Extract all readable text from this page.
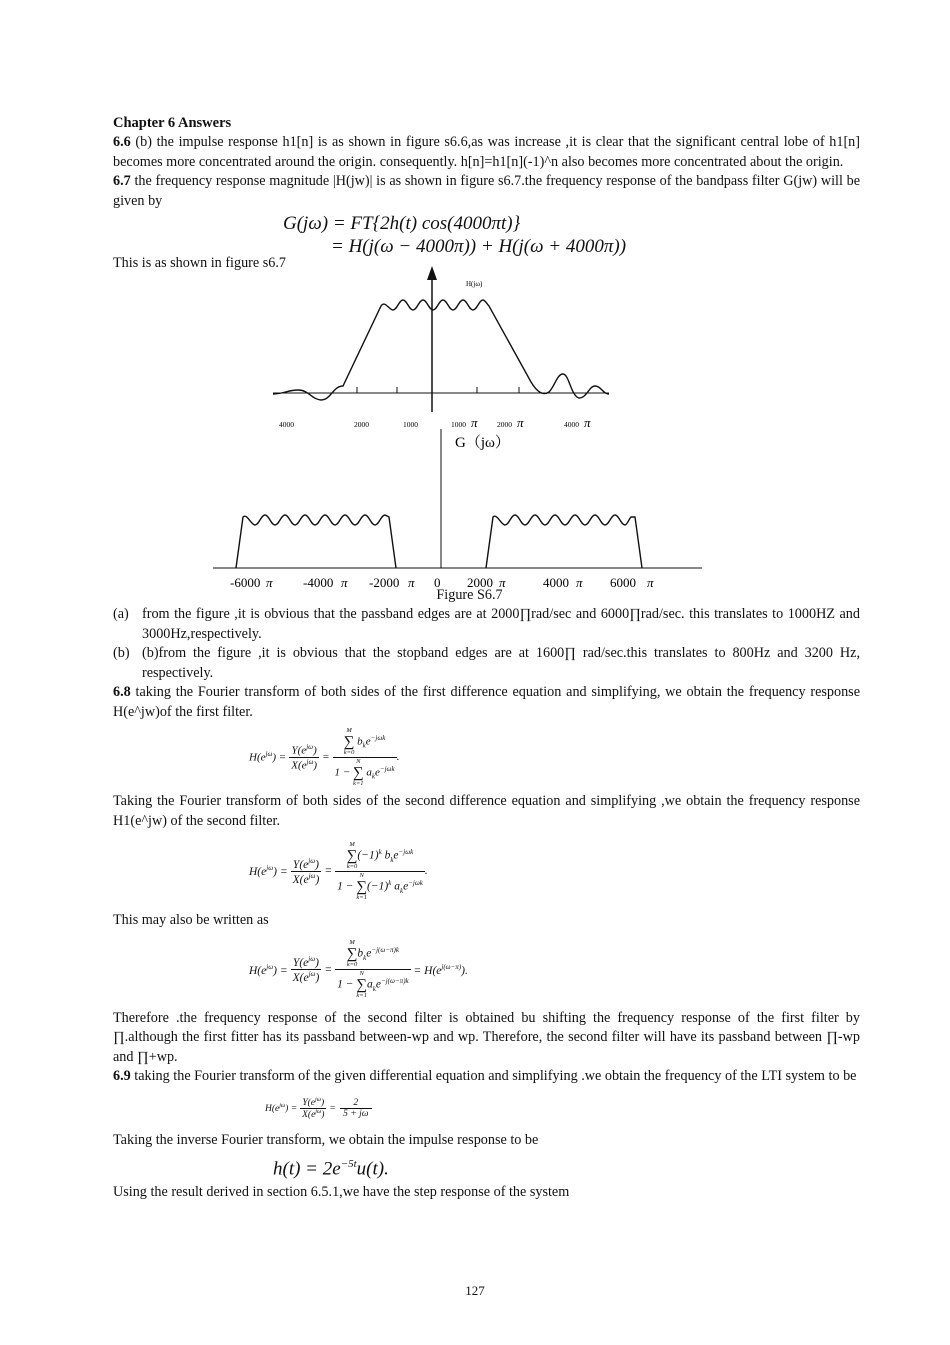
Chapter 6 Answers

6.6 (b) the impulse response h1[n] is as shown in figure s6.6,as was increase ,it is clear that the significant central lobe of h1[n] becomes more concentrated around the origin. consequently. h[n]=h1[n](-1)^n also becomes more concentrated about the origin.

6.7 the frequency response magnitude |H(jw)| is as shown in figure s6.7.the frequency response of the bandpass filter G(jw) will be given by

G(jω) = FT{2h(t) cos(4000πt)}

= H(j(ω − 4000π)) + H(j(ω + 4000π))

This is as shown in figure s6.7

H(jω)
4000	2000	1000	1000 π	2000 π	4000 π
G（jω）
-6000 π -4000 π -2000 π 0 2000 π	4000 π 6000 π

Figure S6.7

(a) from the figure ,it is obvious that the passband edges are at 2000∏rad/sec and 6000∏rad/sec. this translates to 1000HZ and 3000Hz,respectively.
(b) (b)from the figure ,it is obvious that the stopband edges are at 1600∏ rad/sec.this translates to 800Hz and 3200 Hz, respectively.

6.8 taking the Fourier transform of both sides of the first difference equation and simplifying, we obtain the frequency response H(e^jw)of the first filter.

$H(e^{j\omega}) = \frac{Y(e^{j\omega})}{X(e^{j\omega})} = M$
∑
k=0
$b_ke^{-j\omega k}$
1 −
N
∑
k=1
$a_ke^{-j\omega k}$ .

Taking the Fourier transform of both sides of the second difference equation and simplifying ,we obtain the frequency response H1(e^jw) of the second filter.

$H(e^{j\omega}) = \frac{Y(e^{j\omega})}{X(e^{j\omega})} = M$
∑
k=0
$(-1)^k$ $b_ke^{-j\omega k}$
1 −
N
∑
k=1
$(-1)^k$ $a_ke^{-j\omega k}$ .

This may also be written as

$H(e^{j\omega}) = \frac{Y(e^{j\omega})}{X(e^{j\omega})} = M$
∑
k=0
$b_ke^{-j(\omega-\pi)k}$
1 −
N
∑
k=1
$a_ke^{-j(\omega-\pi)k} = H(e^{j(\omega-\pi)})$.

Therefore .the frequency response of the second filter is obtained bu shifting the frequency response of the first filter by ∏.although the first fitter has its passband between-wp and wp. Therefore, the second filter will have its passband between ∏-wp and ∏+wp.

6.9 taking the Fourier transform of the given differential equation and simplifying .we obtain the frequency of the LTI system to be

$H(e^{j\omega}) = \frac{Y(e^{j\omega})}{X(e^{j\omega})} = \frac{2}{5 + j\omega}$

Taking the inverse Fourier transform, we obtain the impulse response to be

$h(t) = 2e^{-5t}u(t)$.

Using the result derived in section 6.5.1,we have the step response of the system

127
